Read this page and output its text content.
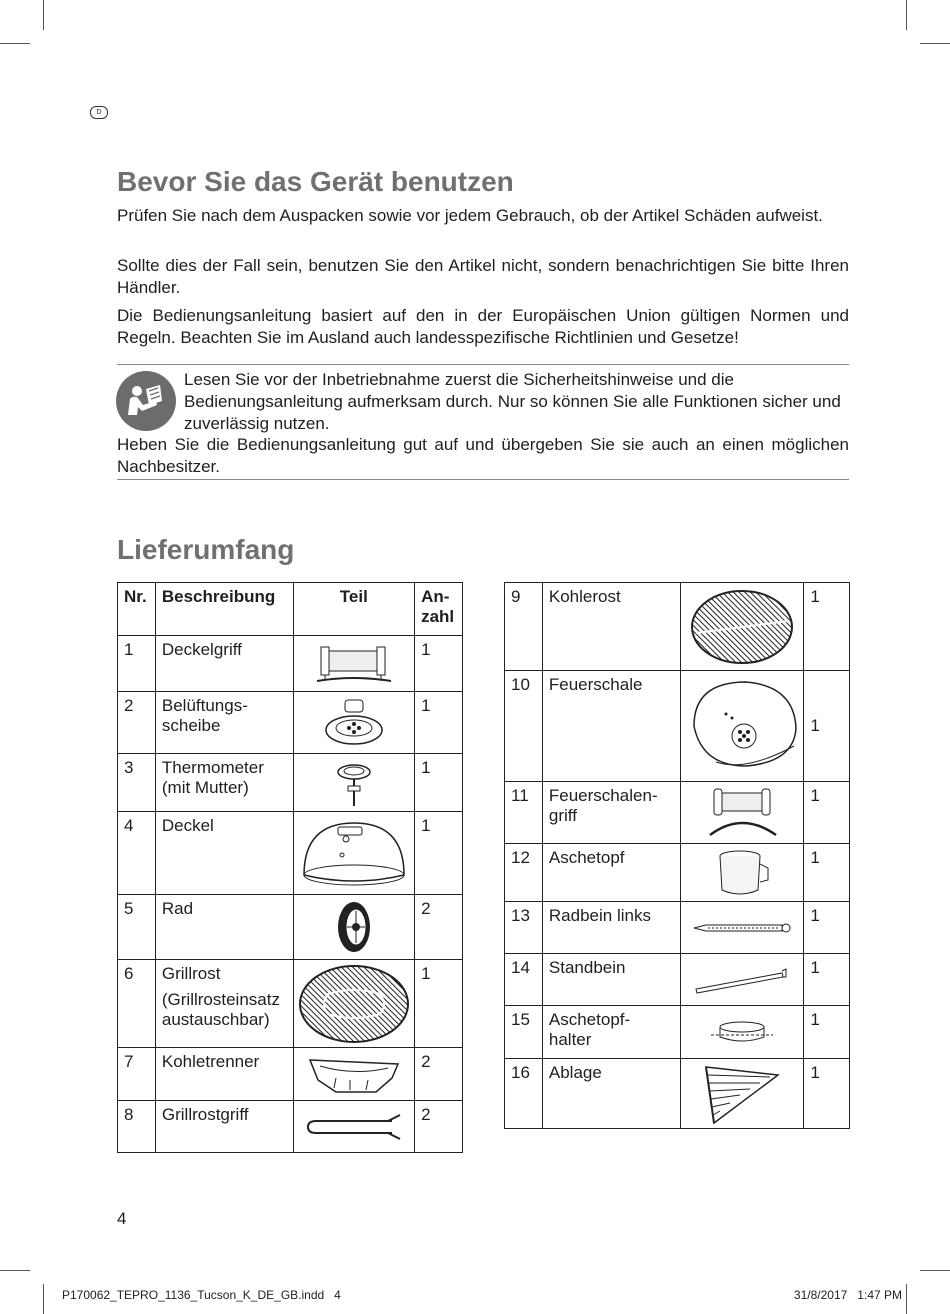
D
Bevor Sie das Gerät benutzen
Prüfen Sie nach dem Auspacken sowie vor jedem Gebrauch, ob der Artikel Schäden aufweist.
Sollte dies der Fall sein, benutzen Sie den Artikel nicht, sondern benachrichtigen Sie bitte Ihren Händler.
Die Bedienungsanleitung basiert auf den in der Europäischen Union gültigen Normen und Regeln. Beachten Sie im Ausland auch landesspezifische Richtlinien und Gesetze!
Lesen Sie vor der Inbetriebnahme zuerst die Sicherheitshinweise und die Bedienungsanleitung aufmerksam durch. Nur so können Sie alle Funktionen sicher und zuverlässig nutzen.
Heben Sie die Bedienungsanleitung gut auf und übergeben Sie sie auch an einen möglichen Nachbesitzer.
Lieferumfang
Nr.	Beschreibung	Teil	An-
zahl
1	Deckelgriff		1
2	Belüftungs-
scheibe		1
3	Thermometer
(mit Mutter)		1
4	Deckel		1
5	Rad		2
6	Grillrost
(Grillrosteinsatz
austauschbar)		1
7	Kohletrenner		2
8	Grillrostgriff		2
9	Kohlerost		1
10	Feuerschale		1
11	Feuerschalen-
griff		1
12	Aschetopf		1
13	Radbein links		1
14	Standbein		1
15	Aschetopf-
halter		1
16	Ablage		1
4
P170062_TEPRO_1136_Tucson_K_DE_GB.indd   4	31/8/2017   1:47 PM
